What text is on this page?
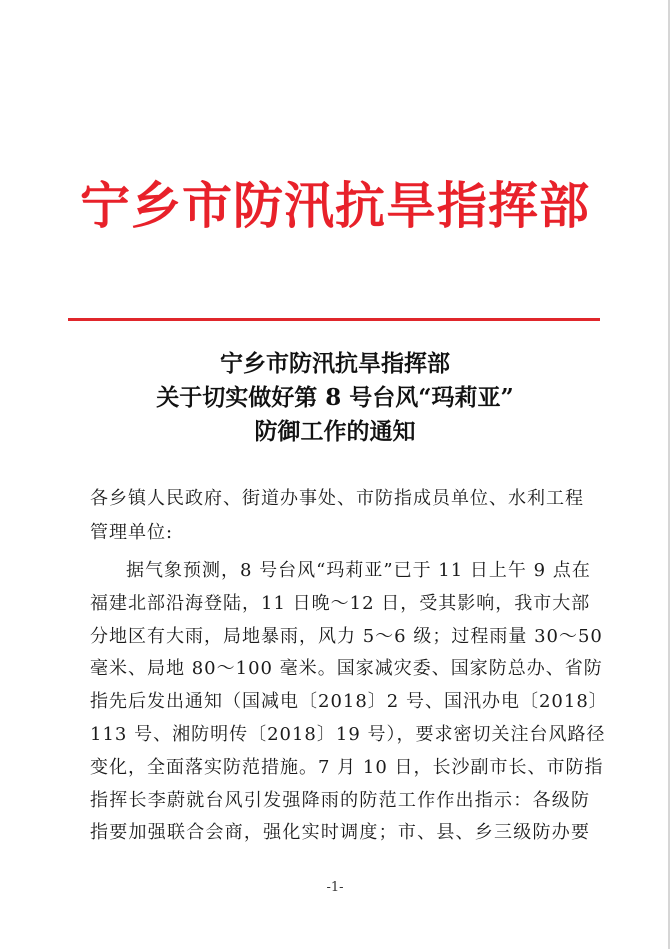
宁乡市防汛抗旱指挥部
宁乡市防汛抗旱指挥部
关于切实做好第 8 号台风“玛莉亚”
防御工作的通知
各乡镇人民政府、街道办事处、市防指成员单位、水利工程
管理单位:
据气象预测，8 号台风“玛莉亚”已于 11 日上午 9 点在
福建北部沿海登陆，11 日晚～12 日，受其影响，我市大部
分地区有大雨，局地暴雨，风力 5～6 级；过程雨量 30～50
毫米、局地 80～100 毫米。国家减灾委、国家防总办、省防
指先后发出通知（国减电〔2018〕2 号、国汛办电〔2018〕
113 号、湘防明传〔2018〕19 号），要求密切关注台风路径
变化，全面落实防范措施。7 月 10 日，长沙副市长、市防指
指挥长李蔚就台风引发强降雨的防范工作作出指示：各级防
指要加强联合会商，强化实时调度；市、县、乡三级防办要
-1-
